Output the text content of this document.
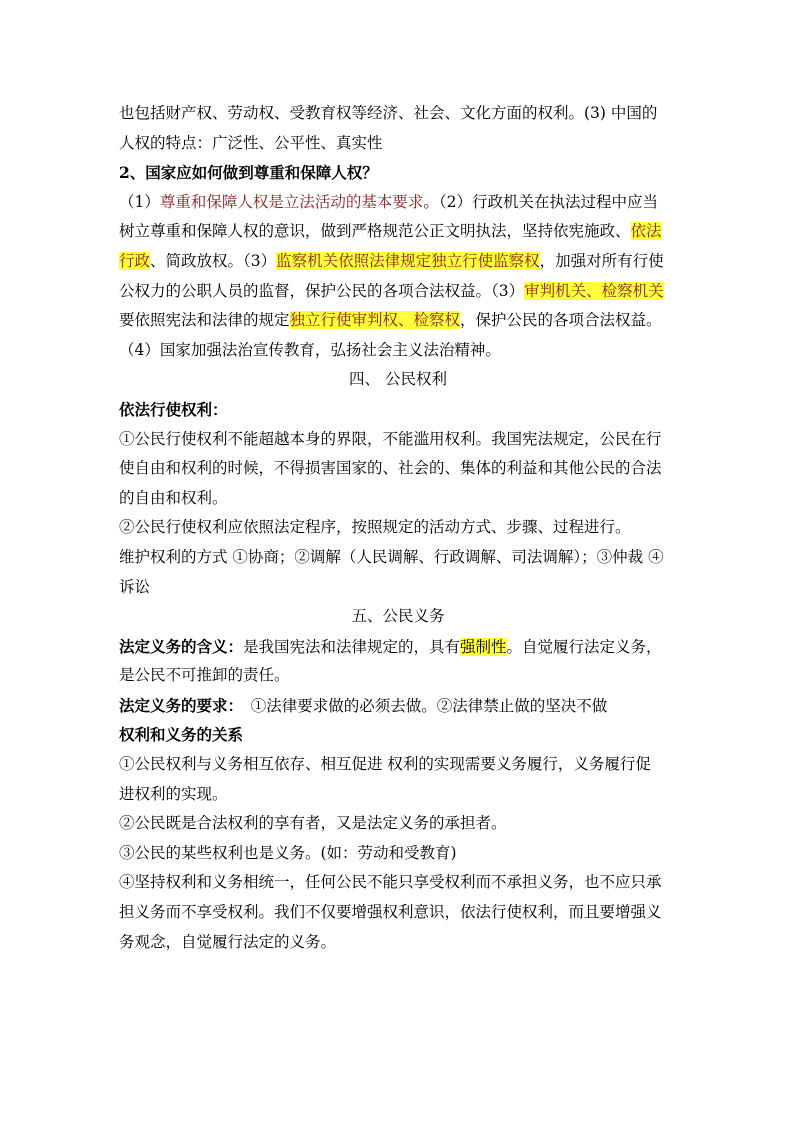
也包括财产权、劳动权、受教育权等经济、社会、文化方面的权利。(3) 中国的
人权的特点：广泛性、公平性、真实性
2、国家应如何做到尊重和保障人权？
（1）尊重和保障人权是立法活动的基本要求。（2）行政机关在执法过程中应当
树立尊重和保障人权的意识，做到严格规范公正文明执法，坚持依宪施政、依法
行政、简政放权。（3）监察机关依照法律规定独立行使监察权，加强对所有行使
公权力的公职人员的监督，保护公民的各项合法权益。（3）审判机关、检察机关
要依照宪法和法律的规定独立行使审判权、检察权，保护公民的各项合法权益。
（4）国家加强法治宣传教育，弘扬社会主义法治精神。
四、 公民权利
依法行使权利：
①公民行使权利不能超越本身的界限，不能滥用权利。我国宪法规定，公民在行
使自由和权利的时候，不得损害国家的、社会的、集体的利益和其他公民的合法
的自由和权利。
②公民行使权利应依照法定程序，按照规定的活动方式、步骤、过程进行。
维护权利的方式 ①协商；②调解（人民调解、行政调解、司法调解）；③仲裁 ④
诉讼
五、公民义务
法定义务的含义：是我国宪法和法律规定的，具有强制性。自觉履行法定义务，
是公民不可推卸的责任。
法定义务的要求：　①法律要求做的必须去做。②法律禁止做的坚决不做
权利和义务的关系
①公民权利与义务相互依存、相互促进 权利的实现需要义务履行，义务履行促
进权利的实现。
②公民既是合法权利的享有者，又是法定义务的承担者。
③公民的某些权利也是义务。(如：劳动和受教育)
④坚持权利和义务相统一，任何公民不能只享受权利而不承担义务，也不应只承
担义务而不享受权利。我们不仅要增强权利意识，依法行使权利，而且要增强义
务观念，自觉履行法定的义务。
